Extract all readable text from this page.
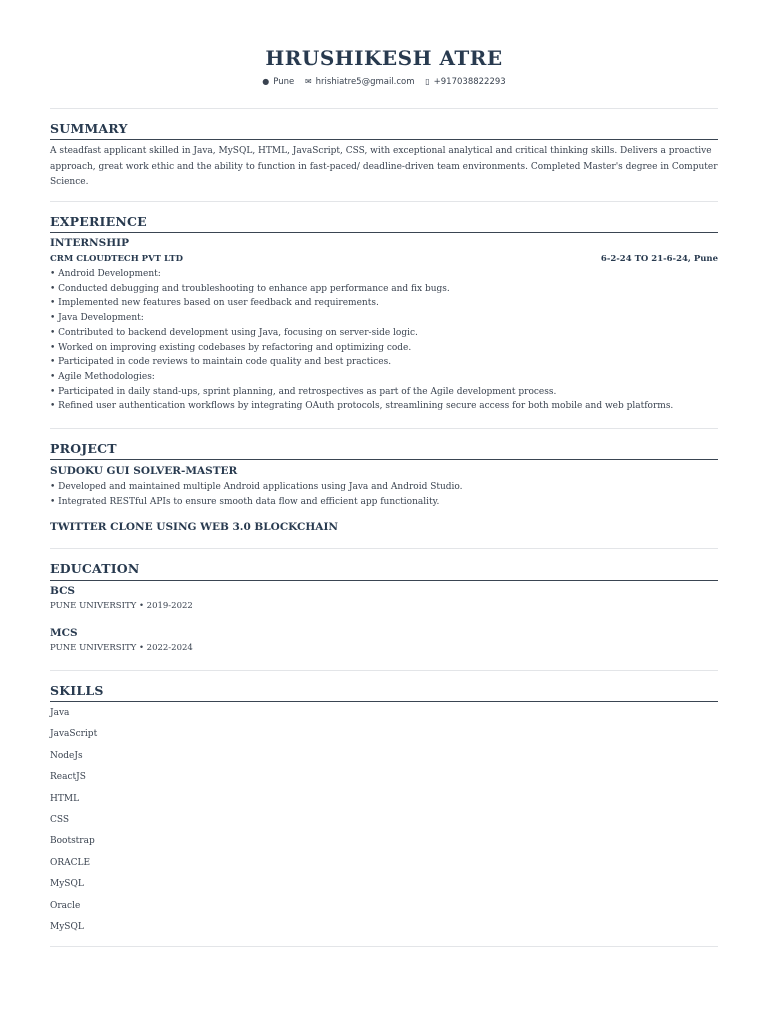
HRUSHIKESH ATRE
● Pune ✉ hrishiatre5@gmail.com ▯ +917038822293
SUMMARY
A steadfast applicant skilled in Java, MySQL, HTML, JavaScript, CSS, with exceptional analytical and critical thinking skills. Delivers a proactive approach, great work ethic and the ability to function in fast-paced/ deadline-driven team environments. Completed Master's degree in Computer Science.
EXPERIENCE
INTERNSHIP
CRM CLOUDTECH PVT LTD	6-2-24 TO 21-6-24, Pune
• Android Development:
• Conducted debugging and troubleshooting to enhance app performance and fix bugs.
• Implemented new features based on user feedback and requirements.
• Java Development:
• Contributed to backend development using Java, focusing on server-side logic.
• Worked on improving existing codebases by refactoring and optimizing code.
• Participated in code reviews to maintain code quality and best practices.
• Agile Methodologies:
• Participated in daily stand-ups, sprint planning, and retrospectives as part of the Agile development process.
• Refined user authentication workflows by integrating OAuth protocols, streamlining secure access for both mobile and web platforms.
PROJECT
SUDOKU GUI SOLVER-MASTER
• Developed and maintained multiple Android applications using Java and Android Studio.
• Integrated RESTful APIs to ensure smooth data flow and efficient app functionality.
TWITTER CLONE USING WEB 3.0 BLOCKCHAIN
EDUCATION
BCS
PUNE UNIVERSITY • 2019-2022
MCS
PUNE UNIVERSITY • 2022-2024
SKILLS
Java
JavaScript
NodeJs
ReactJS
HTML
CSS
Bootstrap
ORACLE
MySQL
Oracle
MySQL
